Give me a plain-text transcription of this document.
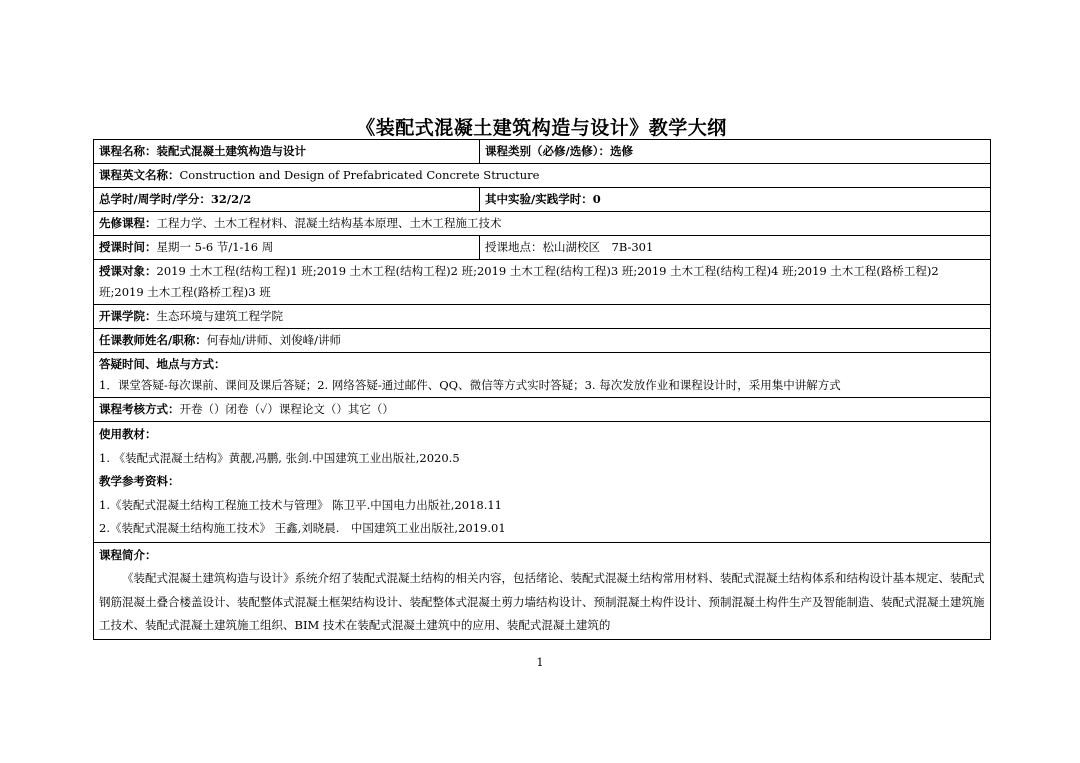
《装配式混凝土建筑构造与设计》教学大纲
课程名称：装配式混凝土建筑构造与设计	课程类别（必修/选修）：选修
课程英文名称：Construction and Design of Prefabricated Concrete Structure	
总学时/周学时/学分：32/2/2	其中实验/实践学时：0
先修课程：工程力学、土木工程材料、混凝土结构基本原理、土木工程施工技术	
授课时间：星期一 5-6 节/1-16 周	授课地点：松山湖校区　7B-301
授课对象：2019 土木工程(结构工程)1 班;2019 土木工程(结构工程)2 班;2019 土木工程(结构工程)3 班;2019 土木工程(结构工程)4 班;2019 土木工程(路桥工程)2 班;2019 土木工程(路桥工程)3 班	
开课学院：生态环境与建筑工程学院	
任课教师姓名/职称：何春灿/讲师、刘俊峰/讲师	

答疑时间、地点与方式：
1．课堂答疑-每次课前、课间及课后答疑；2. 网络答疑-通过邮件、QQ、微信等方式实时答疑；3. 每次发放作业和课程设计时，采用集中讲解方式	

课程考核方式：开卷（）闭卷（✓）课程论文（）其它（）	

使用教材：
1. 《装配式混凝土结构》黄靓,冯鹏, 张剑.中国建筑工业出版社,2020.5
教学参考资料：
1.《装配式混凝土结构工程施工技术与管理》 陈卫平.中国电力出版社,2018.11
2.《装配式混凝土结构施工技术》 王鑫,刘晓晨.　中国建筑工业出版社,2019.01	

课程简介：
《装配式混凝土建筑构造与设计》系统介绍了装配式混凝土结构的相关内容，包括绪论、装配式混凝土结构常用材料、装配式混凝土结构体系和结构设计基本规定、装配式钢筋混凝土叠合楼盖设计、装配整体式混凝土框架结构设计、装配整体式混凝土剪力墙结构设计、预制混凝土构件设计、预制混凝土构件生产及智能制造、装配式混凝土建筑施工技术、装配式混凝土建筑施工组织、BIM 技术在装配式混凝土建筑中的应用、装配式混凝土建筑的	
1
